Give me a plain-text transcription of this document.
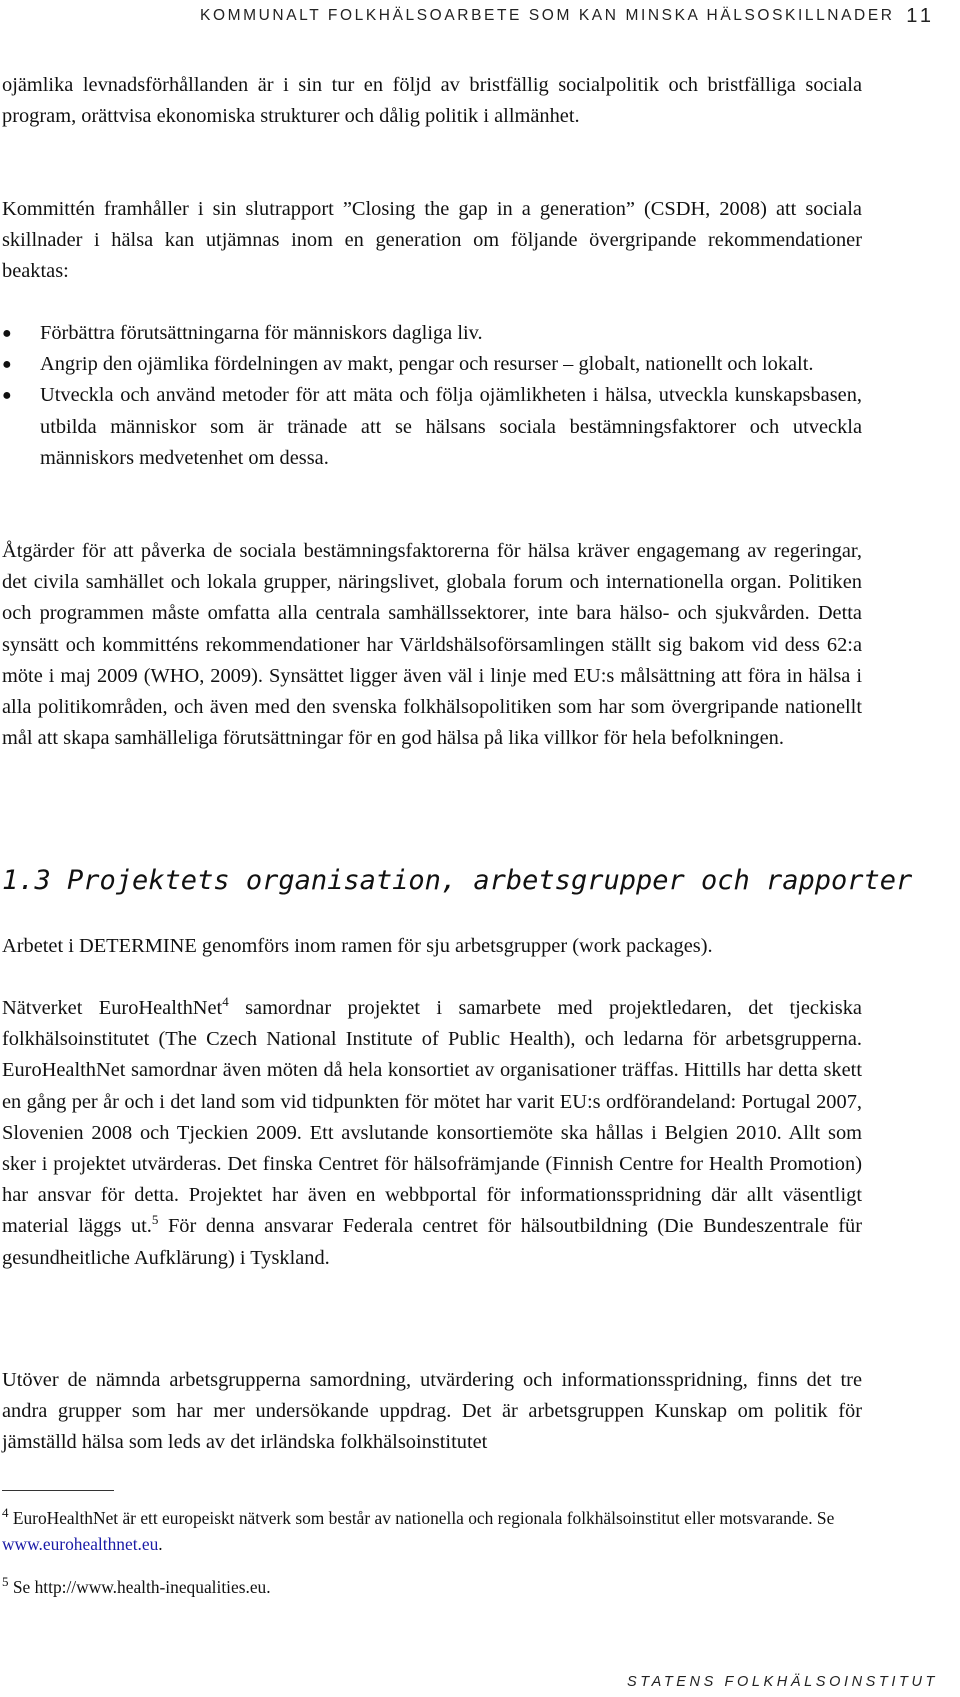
KOMMUNALT FOLKHÄLSOARBETE SOM KAN MINSKA HÄLSOSKILLNADER 11

ojämlika levnadsförhållanden är i sin tur en följd av bristfällig socialpolitik och bristfälliga sociala program, orättvisa ekonomiska strukturer och dålig politik i allmänhet.

Kommittén framhåller i sin slutrapport ”Closing the gap in a generation” (CSDH, 2008) att sociala skillnader i hälsa kan utjämnas inom en generation om följande övergripande rekommendationer beaktas:

● Förbättra förutsättningarna för människors dagliga liv.
● Angrip den ojämlika fördelningen av makt, pengar och resurser – globalt, nationellt och lokalt.
● Utveckla och använd metoder för att mäta och följa ojämlikheten i hälsa, utveckla kunskapsbasen, utbilda människor som är tränade att se hälsans sociala bestämningsfaktorer och utveckla människors medvetenhet om dessa.

Åtgärder för att påverka de sociala bestämningsfaktorerna för hälsa kräver engagemang av regeringar, det civila samhället och lokala grupper, näringslivet, globala forum och internationella organ. Politiken och programmen måste omfatta alla centrala samhällssektorer, inte bara hälso- och sjukvården. Detta synsätt och kommitténs rekommendationer har Världshälsoförsamlingen ställt sig bakom vid dess 62:a möte i maj 2009 (WHO, 2009). Synsättet ligger även väl i linje med EU:s målsättning att föra in hälsa i alla politikområden, och även med den svenska folkhälsopolitiken som har som övergripande nationellt mål att skapa samhälleliga förutsättningar för en god hälsa på lika villkor för hela befolkningen.

1.3 Projektets organisation, arbetsgrupper och rapporter

Arbetet i DETERMINE genomförs inom ramen för sju arbetsgrupper (work packages).

Nätverket EuroHealthNet$^4$ samordnar projektet i samarbete med projektledaren, det tjeckiska folkhälsoinstitutet (The Czech National Institute of Public Health), och ledarna för arbetsgrupperna. EuroHealthNet samordnar även möten då hela konsortiet av organisationer träffas. Hittills har detta skett en gång per år och i det land som vid tidpunkten för mötet har varit EU:s ordförandeland: Portugal 2007, Slovenien 2008 och Tjeckien 2009. Ett avslutande konsortiemöte ska hållas i Belgien 2010. Allt som sker i projektet utvärderas. Det finska Centret för hälsofrämjande (Finnish Centre for Health Promotion) har ansvar för detta. Projektet har även en webbportal för informationsspridning där allt väsentligt material läggs ut.$^5$ För denna ansvarar Federala centret för hälsoutbildning (Die Bundeszentrale für gesundheitliche Aufklärung) i Tyskland.

Utöver de nämnda arbetsgrupperna samordning, utvärdering och informationsspridning, finns det tre andra grupper som har mer undersökande uppdrag. Det är arbetsgruppen Kunskap om politik för jämställd hälsa som leds av det irländska folkhälsoinstitutet

$^4$ EuroHealthNet är ett europeiskt nätverk som består av nationella och regionala folkhälsoinstitut eller motsvarande. Se www.eurohealthnet.eu.

$^5$ Se http://www.health-inequalities.eu.

STATENS FOLKHÄLSOINSTITUT
